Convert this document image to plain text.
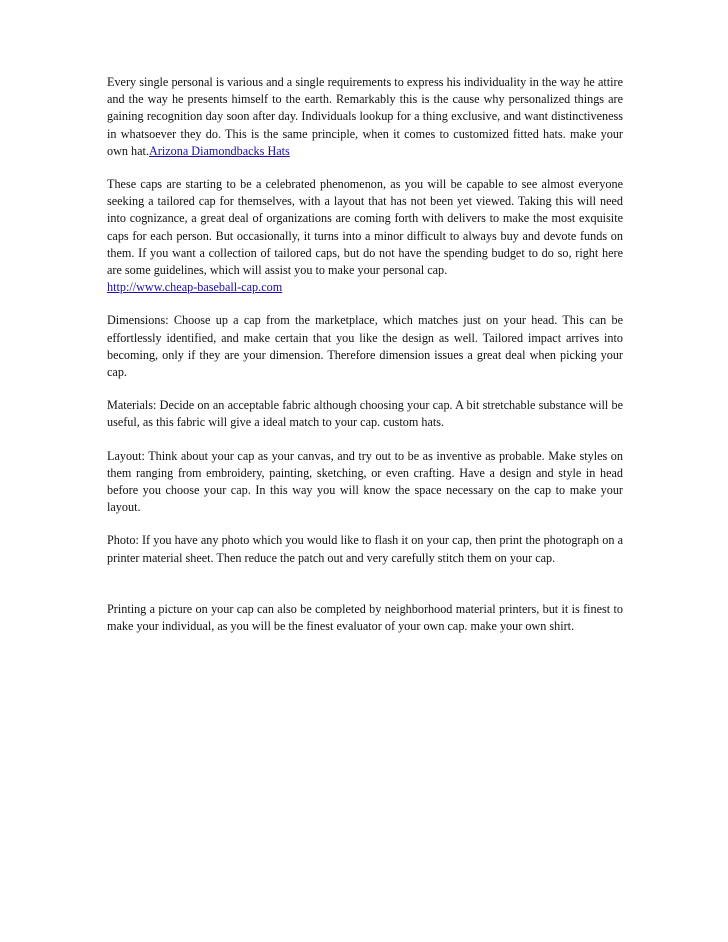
Every single personal is various and a single requirements to express his individuality in the way he attire and the way he presents himself to the earth. Remarkably this is the cause why personalized things are gaining recognition day soon after day. Individuals lookup for a thing exclusive, and want distinctiveness in whatsoever they do. This is the same principle, when it comes to customized fitted hats. make your own hat.Arizona Diamondbacks Hats

These caps are starting to be a celebrated phenomenon, as you will be capable to see almost everyone seeking a tailored cap for themselves, with a layout that has not been yet viewed. Taking this will need into cognizance, a great deal of organizations are coming forth with delivers to make the most exquisite caps for each person. But occasionally, it turns into a minor difficult to always buy and devote funds on them. If you want a collection of tailored caps, but do not have the spending budget to do so, right here are some guidelines, which will assist you to make your personal cap.
http://www.cheap-baseball-cap.com

Dimensions: Choose up a cap from the marketplace, which matches just on your head. This can be effortlessly identified, and make certain that you like the design as well. Tailored impact arrives into becoming, only if they are your dimension. Therefore dimension issues a great deal when picking your cap.

Materials: Decide on an acceptable fabric although choosing your cap. A bit stretchable substance will be useful, as this fabric will give a ideal match to your cap. custom hats.

Layout: Think about your cap as your canvas, and try out to be as inventive as probable. Make styles on them ranging from embroidery, painting, sketching, or even crafting. Have a design and style in head before you choose your cap. In this way you will know the space necessary on the cap to make your layout.

Photo: If you have any photo which you would like to flash it on your cap, then print the photograph on a printer material sheet. Then reduce the patch out and very carefully stitch them on your cap.

Printing a picture on your cap can also be completed by neighborhood material printers, but it is finest to make your individual, as you will be the finest evaluator of your own cap. make your own shirt.
